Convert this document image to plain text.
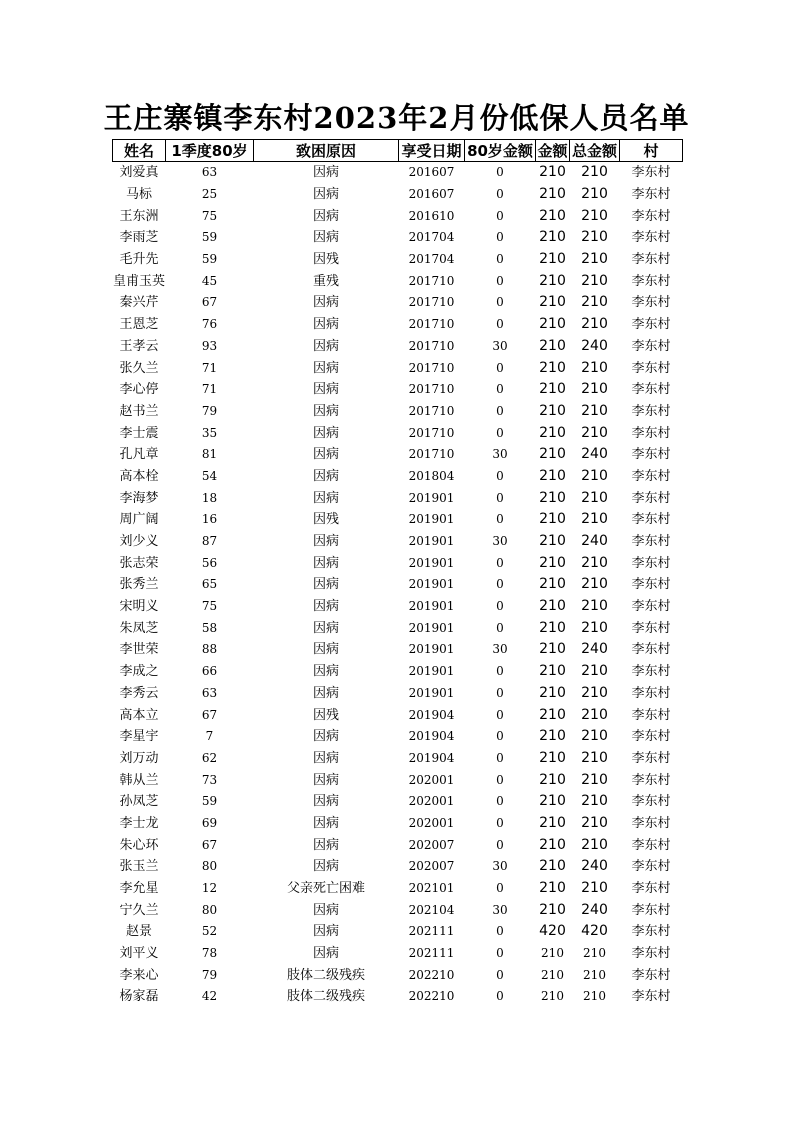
王庄寨镇李东村2023年2月份低保人员名单
姓名	1季度80岁	致困原因	享受日期	80岁金额	金额	总金额	村
刘爱真	63	因病	201607	0	210	210	李东村
马标	25	因病	201607	0	210	210	李东村
王东洲	75	因病	201610	0	210	210	李东村
李雨芝	59	因病	201704	0	210	210	李东村
毛升先	59	因残	201704	0	210	210	李东村
皇甫玉英	45	重残	201710	0	210	210	李东村
秦兴芹	67	因病	201710	0	210	210	李东村
王恩芝	76	因病	201710	0	210	210	李东村
王孝云	93	因病	201710	30	210	240	李东村
张久兰	71	因病	201710	0	210	210	李东村
李心停	71	因病	201710	0	210	210	李东村
赵书兰	79	因病	201710	0	210	210	李东村
李士震	35	因病	201710	0	210	210	李东村
孔凡章	81	因病	201710	30	210	240	李东村
高本栓	54	因病	201804	0	210	210	李东村
李海梦	18	因病	201901	0	210	210	李东村
周广阔	16	因残	201901	0	210	210	李东村
刘少义	87	因病	201901	30	210	240	李东村
张志荣	56	因病	201901	0	210	210	李东村
张秀兰	65	因病	201901	0	210	210	李东村
宋明义	75	因病	201901	0	210	210	李东村
朱凤芝	58	因病	201901	0	210	210	李东村
李世荣	88	因病	201901	30	210	240	李东村
李成之	66	因病	201901	0	210	210	李东村
李秀云	63	因病	201901	0	210	210	李东村
高本立	67	因残	201904	0	210	210	李东村
李星宇	7	因病	201904	0	210	210	李东村
刘万动	62	因病	201904	0	210	210	李东村
韩从兰	73	因病	202001	0	210	210	李东村
孙凤芝	59	因病	202001	0	210	210	李东村
李士龙	69	因病	202001	0	210	210	李东村
朱心环	67	因病	202007	0	210	210	李东村
张玉兰	80	因病	202007	30	210	240	李东村
李允星	12	父亲死亡困难	202101	0	210	210	李东村
宁久兰	80	因病	202104	30	210	240	李东村
赵景	52	因病	202111	0	420	420	李东村
刘平义	78	因病	202111	0	210	210	李东村
李来心	79	肢体二级残疾	202210	0	210	210	李东村
杨家磊	42	肢体二级残疾	202210	0	210	210	李东村
